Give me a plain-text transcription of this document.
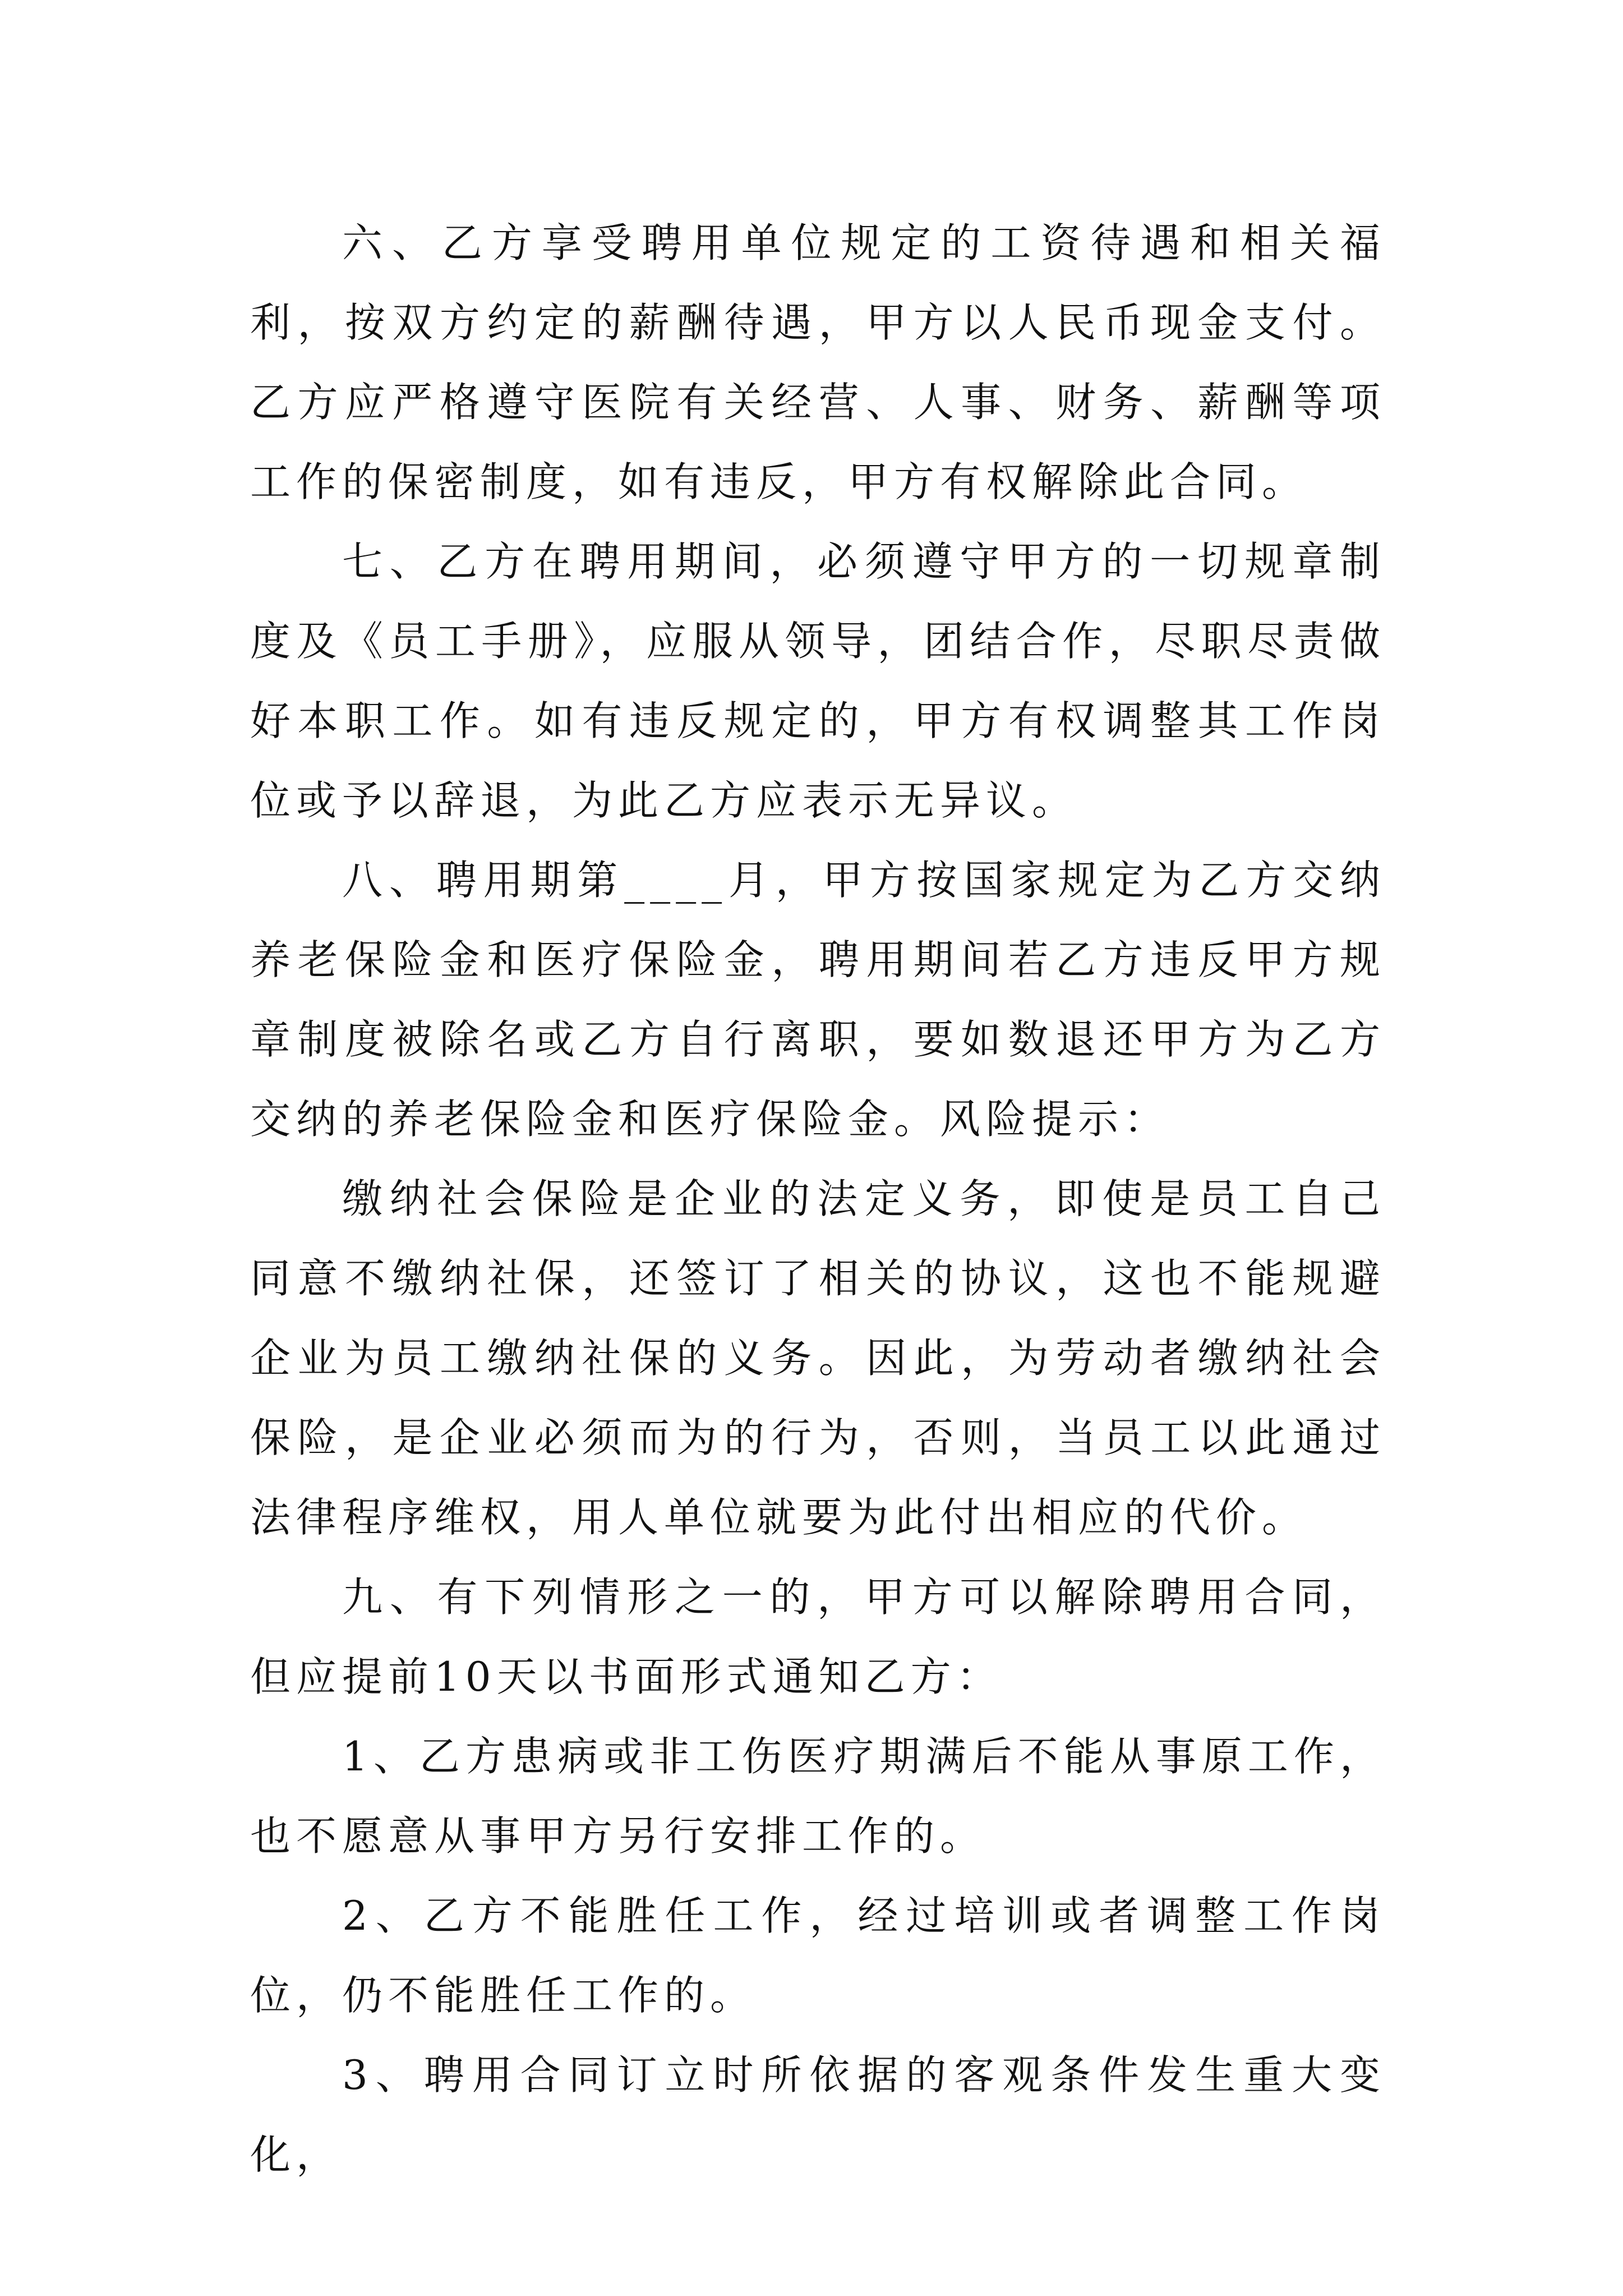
六、乙方享受聘用单位规定的工资待遇和相关福利，按双方约定的薪酬待遇，甲方以人民币现金支付。乙方应严格遵守医院有关经营、人事、财务、薪酬等项工作的保密制度，如有违反，甲方有权解除此合同。

七、乙方在聘用期间，必须遵守甲方的一切规章制度及《员工手册》，应服从领导，团结合作，尽职尽责做好本职工作。如有违反规定的，甲方有权调整其工作岗位或予以辞退，为此乙方应表示无异议。

八、聘用期第____月，甲方按国家规定为乙方交纳养老保险金和医疗保险金，聘用期间若乙方违反甲方规章制度被除名或乙方自行离职，要如数退还甲方为乙方交纳的养老保险金和医疗保险金。风险提示：

缴纳社会保险是企业的法定义务，即使是员工自己同意不缴纳社保，还签订了相关的协议，这也不能规避企业为员工缴纳社保的义务。因此，为劳动者缴纳社会保险，是企业必须而为的行为，否则，当员工以此通过法律程序维权，用人单位就要为此付出相应的代价。

九、有下列情形之一的，甲方可以解除聘用合同，但应提前10天以书面形式通知乙方：

1、乙方患病或非工伤医疗期满后不能从事原工作，也不愿意从事甲方另行安排工作的。

2、乙方不能胜任工作，经过培训或者调整工作岗位，仍不能胜任工作的。

3、聘用合同订立时所依据的客观条件发生重大变化，
